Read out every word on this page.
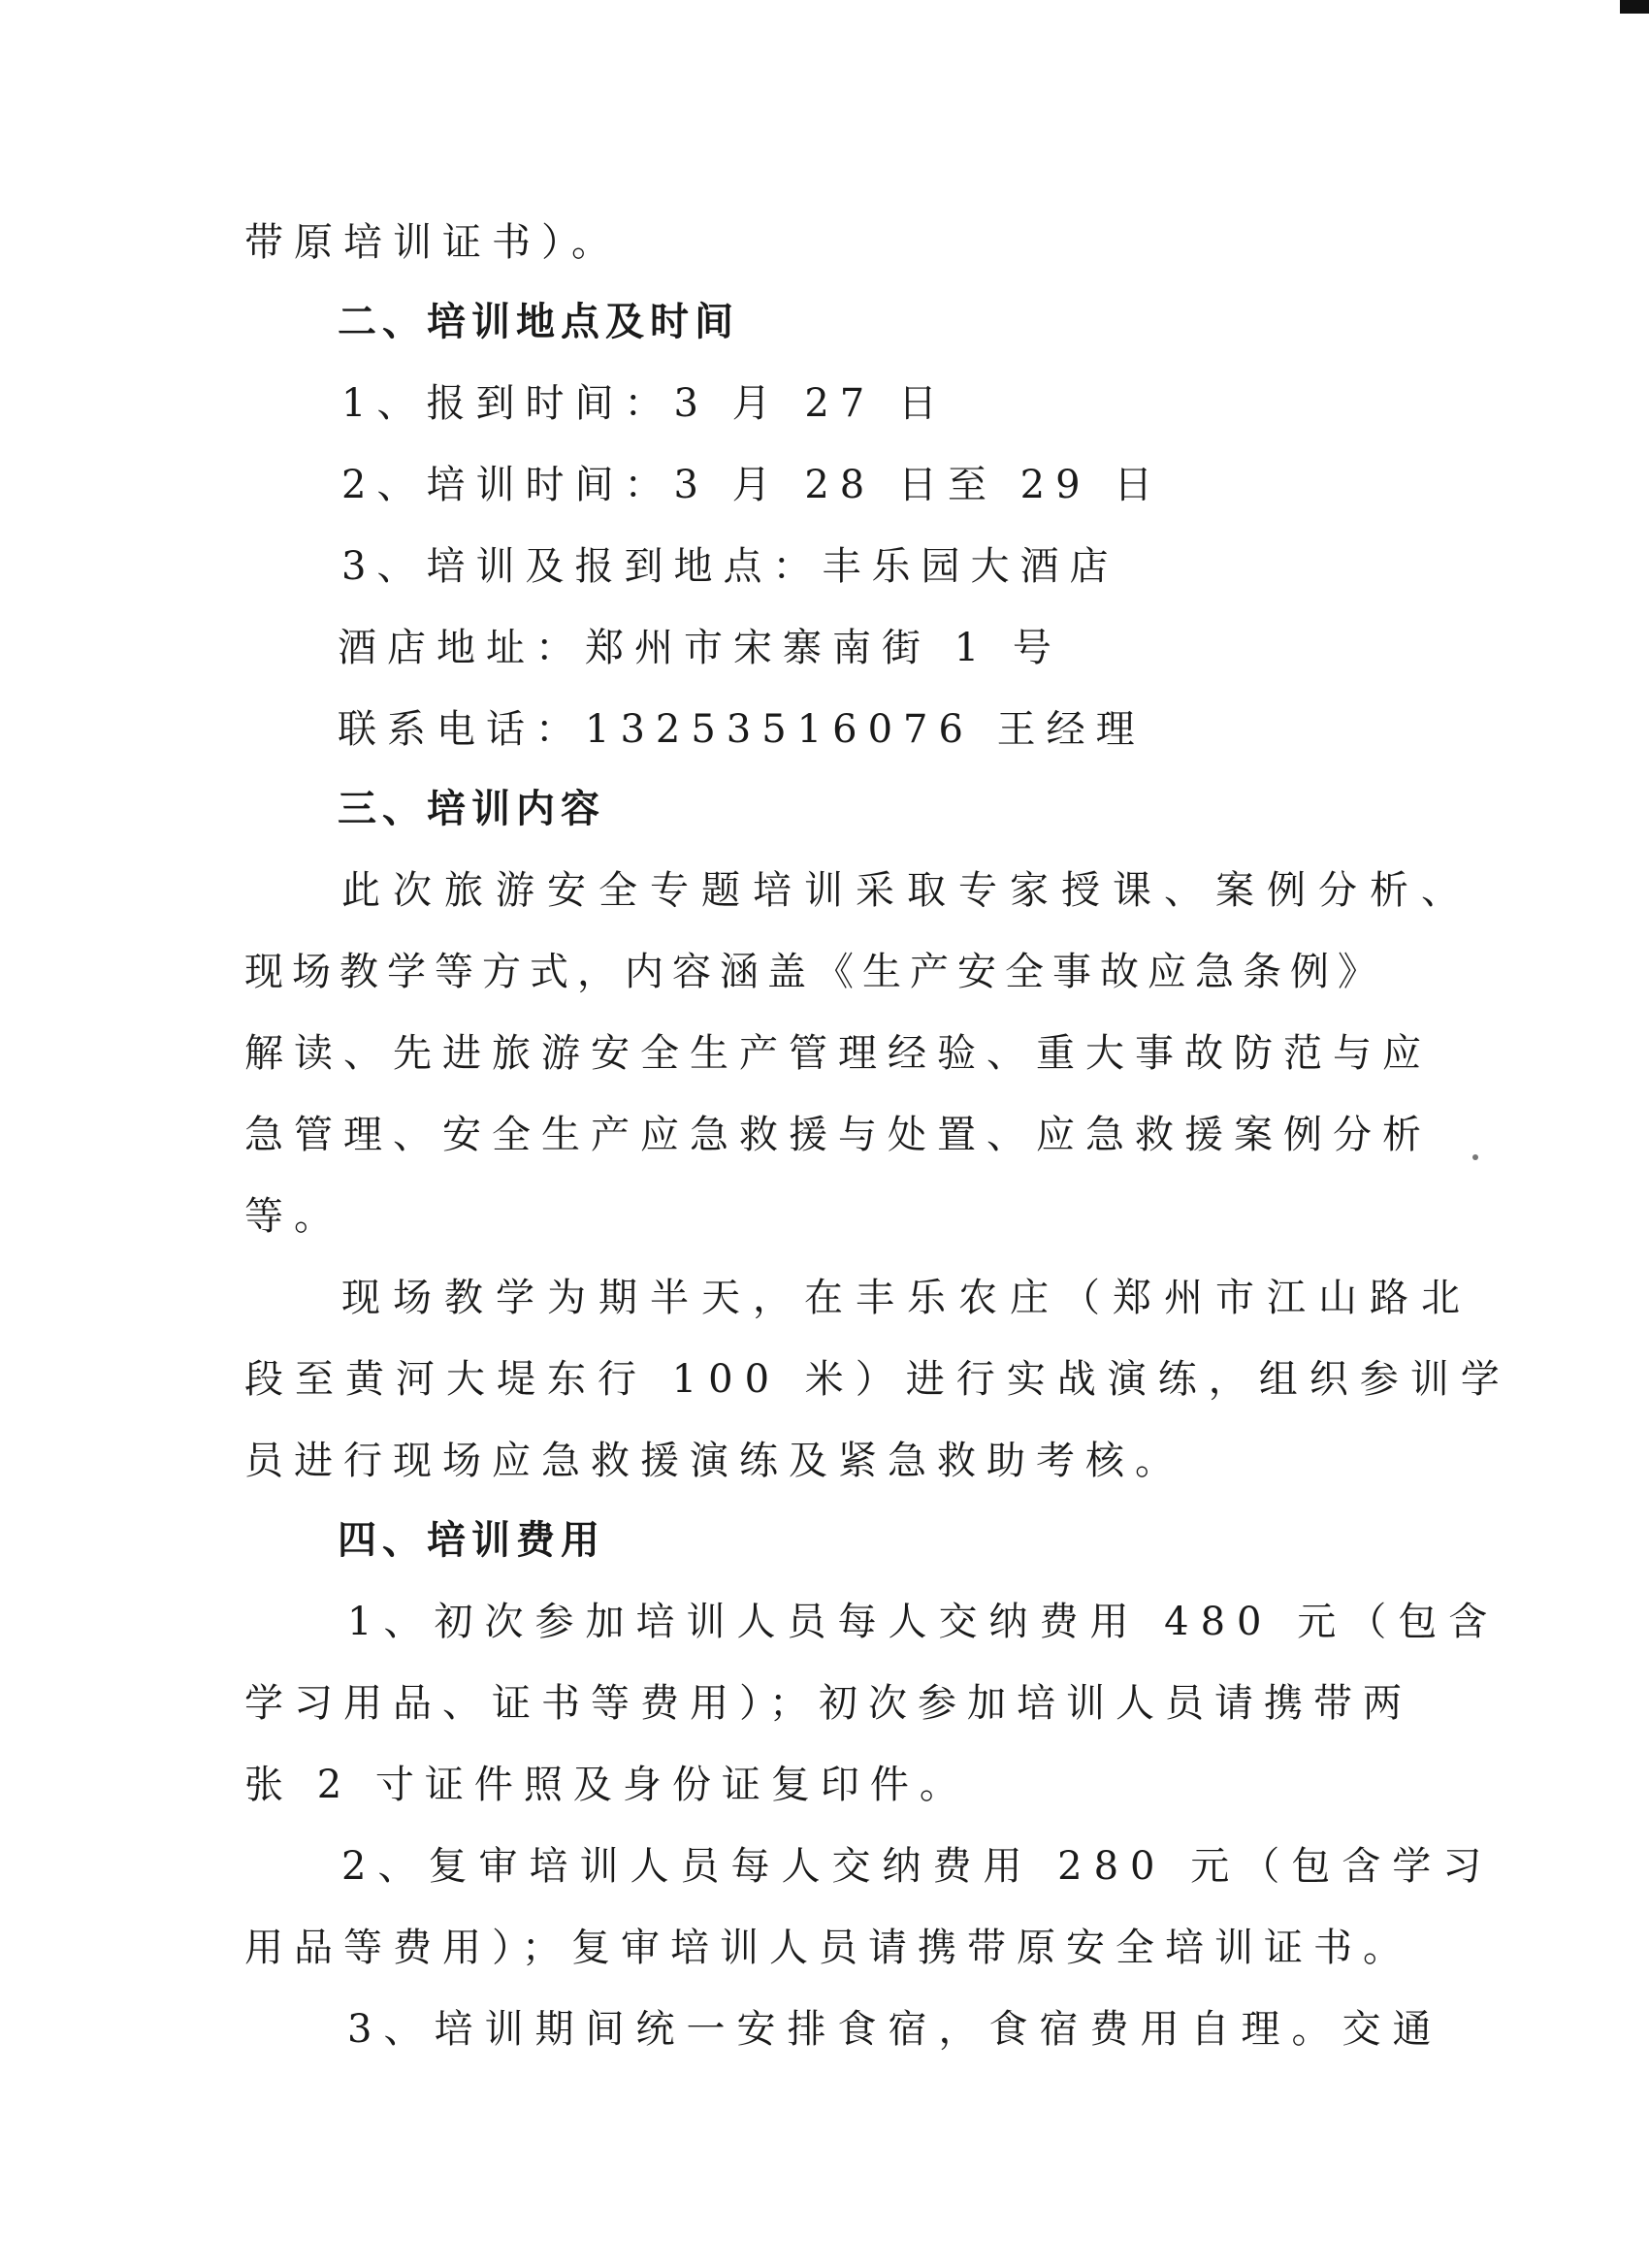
带原培训证书）。
二、培训地点及时间
1、报到时间：3 月 27 日
2、培训时间：3 月 28 日至 29 日
3、培训及报到地点：丰乐园大酒店
酒店地址：郑州市宋寨南街 1 号
联系电话：13253516076 王经理
三、培训内容
此次旅游安全专题培训采取专家授课、案例分析、
现场教学等方式，内容涵盖《生产安全事故应急条例》
解读、先进旅游安全生产管理经验、重大事故防范与应
急管理、安全生产应急救援与处置、应急救援案例分析
等。
现场教学为期半天，在丰乐农庄（郑州市江山路北
段至黄河大堤东行 100 米）进行实战演练，组织参训学
员进行现场应急救援演练及紧急救助考核。
四、培训费用
1、初次参加培训人员每人交纳费用 480 元（包含
学习用品、证书等费用）；初次参加培训人员请携带两
张 2 寸证件照及身份证复印件。
2、复审培训人员每人交纳费用 280 元（包含学习
用品等费用）；复审培训人员请携带原安全培训证书。
3、培训期间统一安排食宿，食宿费用自理。交通
